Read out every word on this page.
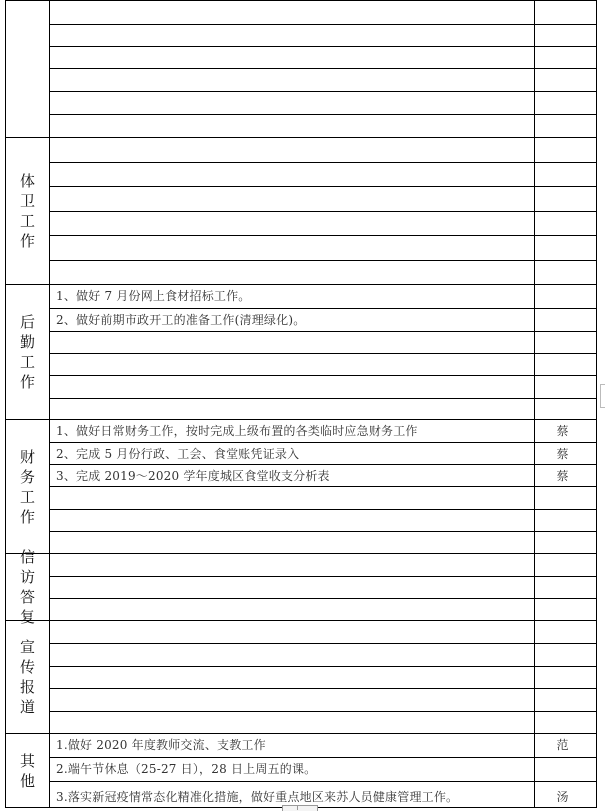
体卫工作
后勤工作
1、做好 7 月份网上食材招标工作。
2、做好前期市政开工的准备工作(清理绿化)。
财务工作
1、做好日常财务工作，按时完成上级布置的各类临时应急财务工作	蔡
2、完成 5 月份行政、工会、食堂账凭证录入	蔡
3、完成 2019～2020 学年度城区食堂收支分析表	蔡
信访答复
宣传报道
其他
1.做好 2020 年度教师交流、支教工作	范
2.端午节休息（25-27 日），28 日上周五的课。
3.落实新冠疫情常态化精准化措施，做好重点地区来苏人员健康管理工作。	汤
